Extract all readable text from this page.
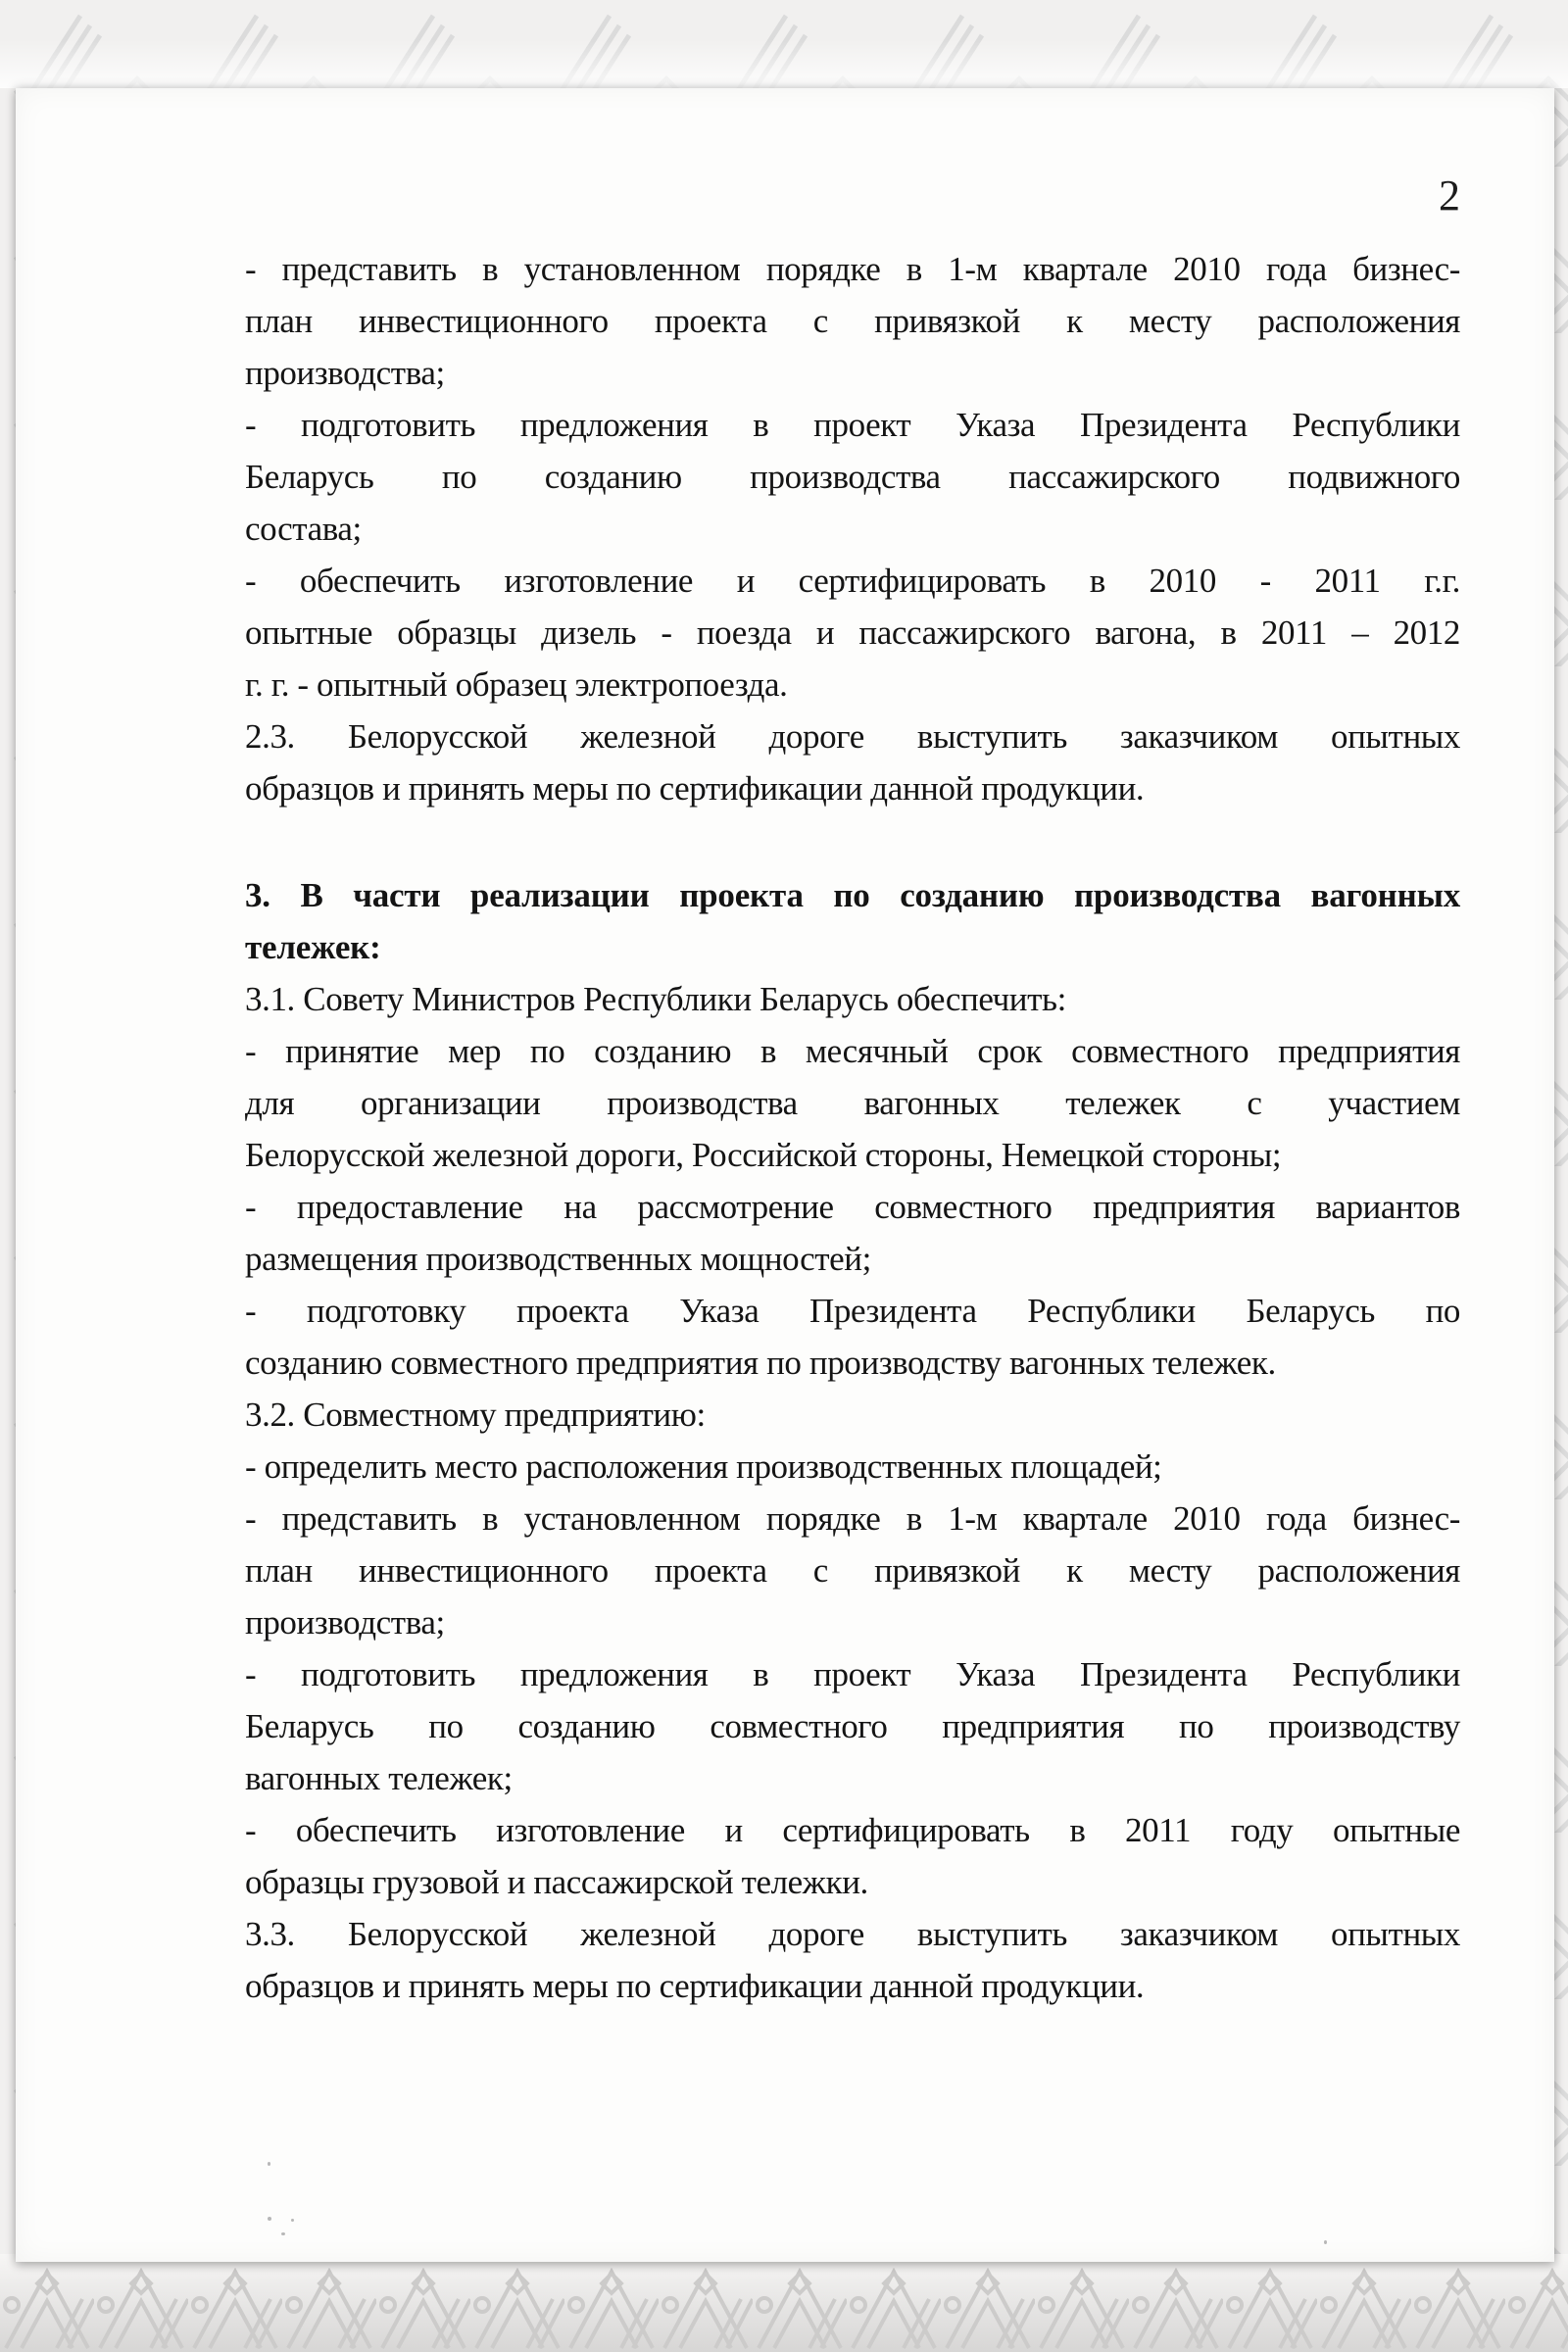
2
- представить в установленном порядке в 1-м квартале 2010 года бизнес-
план инвестиционного проекта с привязкой к месту расположения
производства;
- подготовить предложения в проект Указа Президента Республики
Беларусь по созданию производства пассажирского подвижного
состава;
- обеспечить изготовление и сертифицировать в 2010 - 2011 г.г.
опытные образцы дизель - поезда и пассажирского вагона, в 2011 – 2012
г. г. - опытный образец электропоезда.
2.3. Белорусской железной дороге выступить заказчиком опытных
образцов и принять меры по сертификации данной продукции.
3. В части реализации проекта по созданию производства вагонных
тележек:
3.1. Совету Министров Республики Беларусь обеспечить:
- принятие мер по созданию в месячный срок совместного предприятия
для организации производства вагонных тележек с участием
Белорусской железной дороги, Российской стороны, Немецкой стороны;
- предоставление на рассмотрение совместного предприятия вариантов
размещения производственных мощностей;
- подготовку проекта Указа Президента Республики Беларусь по
созданию совместного предприятия по производству вагонных тележек.
3.2. Совместному предприятию:
- определить место расположения производственных площадей;
- представить в установленном порядке в 1-м квартале 2010 года бизнес-
план инвестиционного проекта с привязкой к месту расположения
производства;
- подготовить предложения в проект Указа Президента Республики
Беларусь по созданию совместного предприятия по производству
вагонных тележек;
- обеспечить изготовление и сертифицировать в 2011 году опытные
образцы грузовой и пассажирской тележки.
3.3. Белорусской железной дороге выступить заказчиком опытных
образцов и принять меры по сертификации данной продукции.
